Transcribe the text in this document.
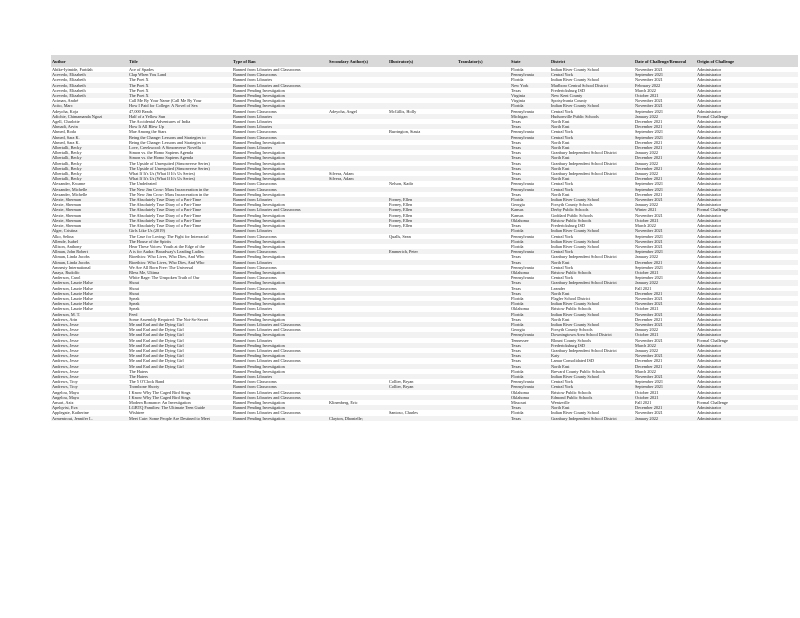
Author	Title	Type of Ban	Secondary Author(s)	Illustrator(s)	Translator(s)	State	District	Date of Challenge/Removal	Origin of Challenge
Abike-Iyimide, Faridah	Ace of Spades	Banned from Libraries and Classrooms				Florida	Indian River County School	November 2021	Administrator
Acevedo, Elizabeth	Clap When You Land	Banned from Classrooms				Pennsylvania	Central York	September 2021	Administrator
Acevedo, Elizabeth	The Poet X	Banned from Libraries				Florida	Indian River County School	November 2021	Administrator
Acevedo, Elizabeth	The Poet X	Banned from Libraries and Classrooms				New York	Marlboro Central School District	February 2022	Administrator
Acevedo, Elizabeth	The Poet X	Banned Pending Investigation				Texas	Fredericksburg ISD	March 2022	Administrator
Acevedo, Elizabeth	The Poet X	Banned Pending Investigation				Virginia	New Kent County	October 2021	Administrator
Aciman, André	Call Me By Your Name (Call Me By Your	Banned Pending Investigation				Virginia	Spotsylvania County	November 2021	Administrator
Acito, Marc	How I Paid for College: A Novel of Sex	Banned Pending Investigation				Florida	Indian River County School	November 2021	Administrator
Adeyoha, Koja	47,000 Beads	Banned from Classrooms	Adeyoha, Angel	McGillis, Holly		Pennsylvania	Central York	September 2021	Administrator
Adichie, Chimamanda Ngozi	Half of a Yellow Sun	Banned from Libraries				Michigan	Hudsonville Public Schools	January 2022	Formal Challenge
Agell, Charlotte	The Accidental Adventures of India	Banned from Libraries				Texas	North East	December 2021	Administrator
Ahmadi, Arvin	How It All Blew Up	Banned from Libraries				Texas	North East	December 2021	Administrator
Ahmed, Roda	Mae Among the Stars	Banned from Classrooms		Burrington, Stasia		Pennsylvania	Central York	September 2021	Administrator
Ahmed, Sara K.	Being the Change: Lessons and Strategies to	Banned from Classrooms				Pennsylvania	Central York	September 2021	Administrator
Ahmed, Sara K.	Being the Change: Lessons and Strategies to	Banned Pending Investigation				Texas	North East	December 2021	Administrator
Albertalli, Becky	Love, Creekwood: A Simonverse Novella	Banned from Libraries				Texas	North East	December 2021	Administrator
Albertalli, Becky	Simon vs. the Homo Sapiens Agenda	Banned Pending Investigation				Texas	Granbury Independent School District	January 2022	Administrator
Albertalli, Becky	Simon vs. the Homo Sapiens Agenda	Banned Pending Investigation				Texas	North East	December 2021	Administrator
Albertalli, Becky	The Upside of Unrequited (Simonverse Series)	Banned Pending Investigation				Texas	Granbury Independent School District	January 2022	Administrator
Albertalli, Becky	The Upside of Unrequited (Simonverse Series)	Banned Pending Investigation				Texas	North East	December 2021	Administrator
Albertalli, Becky	What If It's Us (What If It's Us Series)	Banned Pending Investigation	Silvera, Adam			Texas	Granbury Independent School District	January 2022	Administrator
Albertalli, Becky	What If It's Us (What If It's Us Series)	Banned Pending Investigation	Silvera, Adam			Texas	North East	December 2021	Administrator
Alexander, Kwame	The Undefeated	Banned from Classrooms		Nelson, Kadir		Pennsylvania	Central York	September 2021	Administrator
Alexander, Michelle	The New Jim Crow: Mass Incarceration in the	Banned from Classrooms				Pennsylvania	Central York	September 2021	Administrator
Alexander, Michelle	The New Jim Crow: Mass Incarceration in the	Banned Pending Investigation				Texas	North East	December 2021	Administrator
Alexie, Sherman	The Absolutely True Diary of a Part-Time	Banned from Libraries		Forney, Ellen		Florida	Indian River County School	November 2021	Administrator
Alexie, Sherman	The Absolutely True Diary of a Part-Time	Banned Pending Investigation		Forney, Ellen		Georgia	Forsyth County Schools	January 2022	Administrator
Alexie, Sherman	The Absolutely True Diary of a Part-Time	Banned from Libraries and Classrooms		Forney, Ellen		Kansas	Derby Public Schools	Winter 2021	Formal Challenge
Alexie, Sherman	The Absolutely True Diary of a Part-Time	Banned Pending Investigation		Forney, Ellen		Kansas	Goddard Public Schools	November 2021	Administrator
Alexie, Sherman	The Absolutely True Diary of a Part-Time	Banned Pending Investigation		Forney, Ellen		Oklahoma	Bristow Public Schools	October 2021	Administrator
Alexie, Sherman	The Absolutely True Diary of a Part-Time	Banned Pending Investigation		Forney, Ellen		Texas	Fredericksburg ISD	March 2022	Administrator
Alger, Cristina	Girls Like Us (2019)	Banned from Libraries				Florida	Indian River County School	November 2021	Administrator
Alko, Selina	The Case for Loving: The Fight for Interracial	Banned from Classrooms		Qualls, Sean		Pennsylvania	Central York	September 2021	Administrator
Allende, Isabel	The House of the Spirits	Banned Pending Investigation				Florida	Indian River County School	November 2021	Administrator
Allison, Anthony	Hear These Voices: Youth at the Edge of the	Banned Pending Investigation				Florida	Indian River County School	November 2021	Administrator
Allman, John Robert	A is for Audra: Broadway's Leading Ladies	Banned from Classrooms		Emmerich, Peter		Pennsylvania	Central York	September 2021	Administrator
Altman, Linda Jacobs	Bioethics: Who Lives, Who Dies, And Who	Banned Pending Investigation				Texas	Granbury Independent School District	January 2022	Administrator
Altman, Linda Jacobs	Bioethics: Who Lives, Who Dies, And Who	Banned from Libraries				Texas	North East	December 2021	Administrator
Amnesty International	We Are All Born Free: The Universal	Banned from Classrooms				Pennsylvania	Central York	September 2021	Administrator
Anaya, Rudolfo	Bless Me, Ultima	Banned Pending Investigation				Oklahoma	Bristow Public Schools	October 2021	Administrator
Anderson, Carol	White Rage: The Unspoken Truth of Our	Banned from Classrooms				Pennsylvania	Central York	September 2021	Administrator
Anderson, Laurie Halse	Shout	Banned Pending Investigation				Texas	Granbury Independent School District	January 2022	Administrator
Anderson, Laurie Halse	Shout	Banned from Classrooms				Texas	Leander	Fall 2021	Administrator
Anderson, Laurie Halse	Shout	Banned Pending Investigation				Texas	North East	December 2021	Administrator
Anderson, Laurie Halse	Speak	Banned Pending Investigation				Florida	Flagler School District	November 2021	Administrator
Anderson, Laurie Halse	Speak	Banned Pending Investigation				Florida	Indian River County School	November 2021	Administrator
Anderson, Laurie Halse	Speak	Banned from Libraries				Oklahoma	Bristow Public Schools	October 2021	Administrator
Anderson, M. T.	Feed	Banned Pending Investigation				Florida	Indian River County School	November 2021	Administrator
Andrews, Arin	Some Assembly Required: The Not-So-Secret	Banned Pending Investigation				Texas	North East	December 2021	Administrator
Andrews, Jesse	Me and Earl and the Dying Girl	Banned from Libraries and Classrooms				Florida	Indian River County School	November 2021	Administrator
Andrews, Jesse	Me and Earl and the Dying Girl	Banned from Libraries and Classrooms				Georgia	Forsyth County Schools	January 2022	Administrator
Andrews, Jesse	Me and Earl and the Dying Girl	Banned Pending Investigation				Pennsylvania	Downingtown Area School District	October 2021	Administrator
Andrews, Jesse	Me and Earl and the Dying Girl	Banned from Libraries				Tennessee	Blount County Schools	November 2021	Formal Challenge
Andrews, Jesse	Me and Earl and the Dying Girl	Banned Pending Investigation				Texas	Fredericksburg ISD	March 2022	Administrator
Andrews, Jesse	Me and Earl and the Dying Girl	Banned from Libraries and Classrooms				Texas	Granbury Independent School District	January 2022	Administrator
Andrews, Jesse	Me and Earl and the Dying Girl	Banned Pending Investigation				Texas	Katy	November 2021	Administrator
Andrews, Jesse	Me and Earl and the Dying Girl	Banned from Libraries and Classrooms				Texas	Lamar Consolidated ISD	December 2021	Administrator
Andrews, Jesse	Me and Earl and the Dying Girl	Banned Pending Investigation				Texas	North East	December 2021	Administrator
Andrews, Jesse	The Haters	Banned Pending Investigation				Florida	Brevard County Public Schools	March 2022	Administrator
Andrews, Jesse	The Haters	Banned from Libraries				Florida	Indian River County School	November 2021	Administrator
Andrews, Troy	The 5 O'Clock Band	Banned from Classrooms		Collier, Bryan		Pennsylvania	Central York	September 2021	Administrator
Andrews, Troy	Trombone Shorty	Banned from Classrooms		Collier, Bryan		Pennsylvania	Central York	September 2021	Administrator
Angelou, Maya	I Know Why The Caged Bird Sings	Banned from Libraries and Classrooms				Oklahoma	Bristow Public Schools	October 2021	Administrator
Angelou, Maya	I Know Why The Caged Bird Sings	Banned from Libraries and Classrooms				Oklahoma	Edmond Public Schools	October 2021	Administrator
Ansari, Aziz	Modern Romance: An Investigation	Banned Pending Investigation	Klinenberg, Eric			Missouri	Wentzville	Fall 2021	Formal Challenge
Apelqvist, Eva	LGBTQ Families: The Ultimate Teen Guide	Banned Pending Investigation				Texas	North East	December 2021	Administrator
Applegate, Katherine	Wishtree	Banned from Libraries and Classrooms		Santoso, Charles		Florida	Indian River County School	November 2021	Administrator
Armentrout, Jennifer L.	Meet Cute: Some People Are Destined to Meet	Banned Pending Investigation	Clayton, Dhonielle;			Texas	Granbury Independent School District	January 2022	Administrator
